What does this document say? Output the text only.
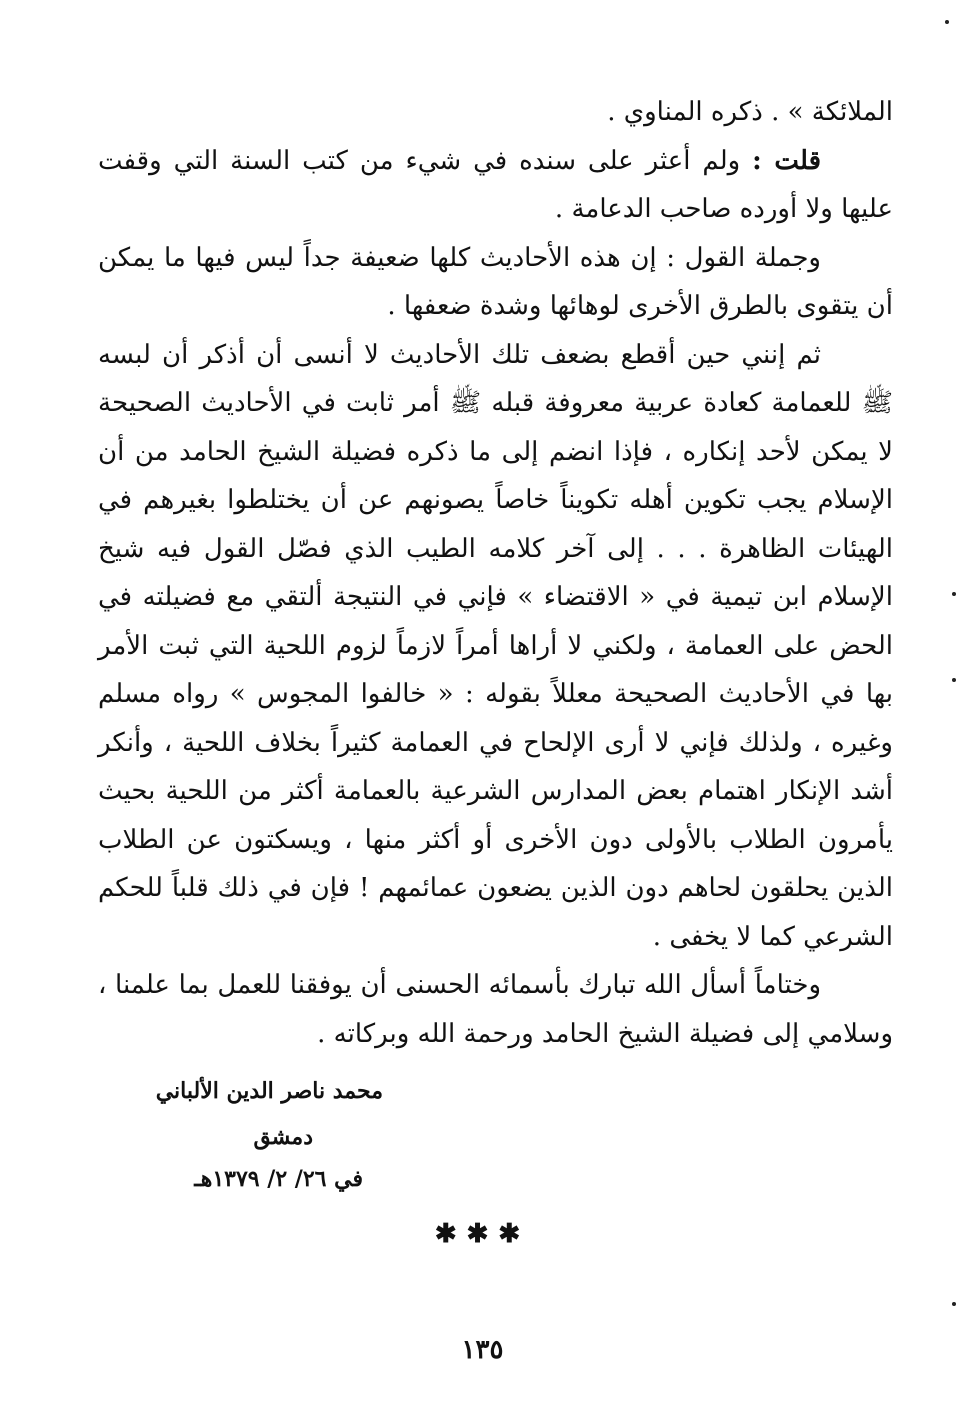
الملائكة » . ذكره المناوي .

قلت : ولم أعثر على سنده في شيء من كتب السنة التي وقفت عليها ولا أورده صاحب الدعامة .

وجملة القول : إن هذه الأحاديث كلها ضعيفة جداً ليس فيها ما يمكن أن يتقوى بالطرق الأخرى لوهائها وشدة ضعفها .

ثم إنني حين أقطع بضعف تلك الأحاديث لا أنسى أن أذكر أن لبسه ﷺ للعمامة كعادة عربية معروفة قبله ﷺ أمر ثابت في الأحاديث الصحيحة لا يمكن لأحد إنكاره ، فإذا انضم إلى ما ذكره فضيلة الشيخ الحامد من أن الإسلام يجب تكوين أهله تكويناً خاصاً يصونهم عن أن يختلطوا بغيرهم في الهيئات الظاهرة . . . إلى آخر كلامه الطيب الذي فصّل القول فيه شيخ الإسلام ابن تيمية في « الاقتضاء » فإني في النتيجة ألتقي مع فضيلته في الحض على العمامة ، ولكني لا أراها أمراً لازماً لزوم اللحية التي ثبت الأمر بها في الأحاديث الصحيحة معللاً بقوله : « خالفوا المجوس » رواه مسلم وغيره ، ولذلك فإني لا أرى الإلحاح في العمامة كثيراً بخلاف اللحية ، وأنكر أشد الإنكار اهتمام بعض المدارس الشرعية بالعمامة أكثر من اللحية بحيث يأمرون الطلاب بالأولى دون الأخرى أو أكثر منها ، ويسكتون عن الطلاب الذين يحلقون لحاهم دون الذين يضعون عمائمهم ! فإن في ذلك قلباً للحكم الشرعي كما لا يخفى .

وختاماً أسأل الله تبارك بأسمائه الحسنى أن يوفقنا للعمل بما علمنا ، وسلامي إلى فضيلة الشيخ الحامد ورحمة الله وبركاته .

محمد ناصر الدين الألباني
دمشق
في ٢٦/ ٢/ ١٣٧٩هـ
✱✱✱
١٣٥
